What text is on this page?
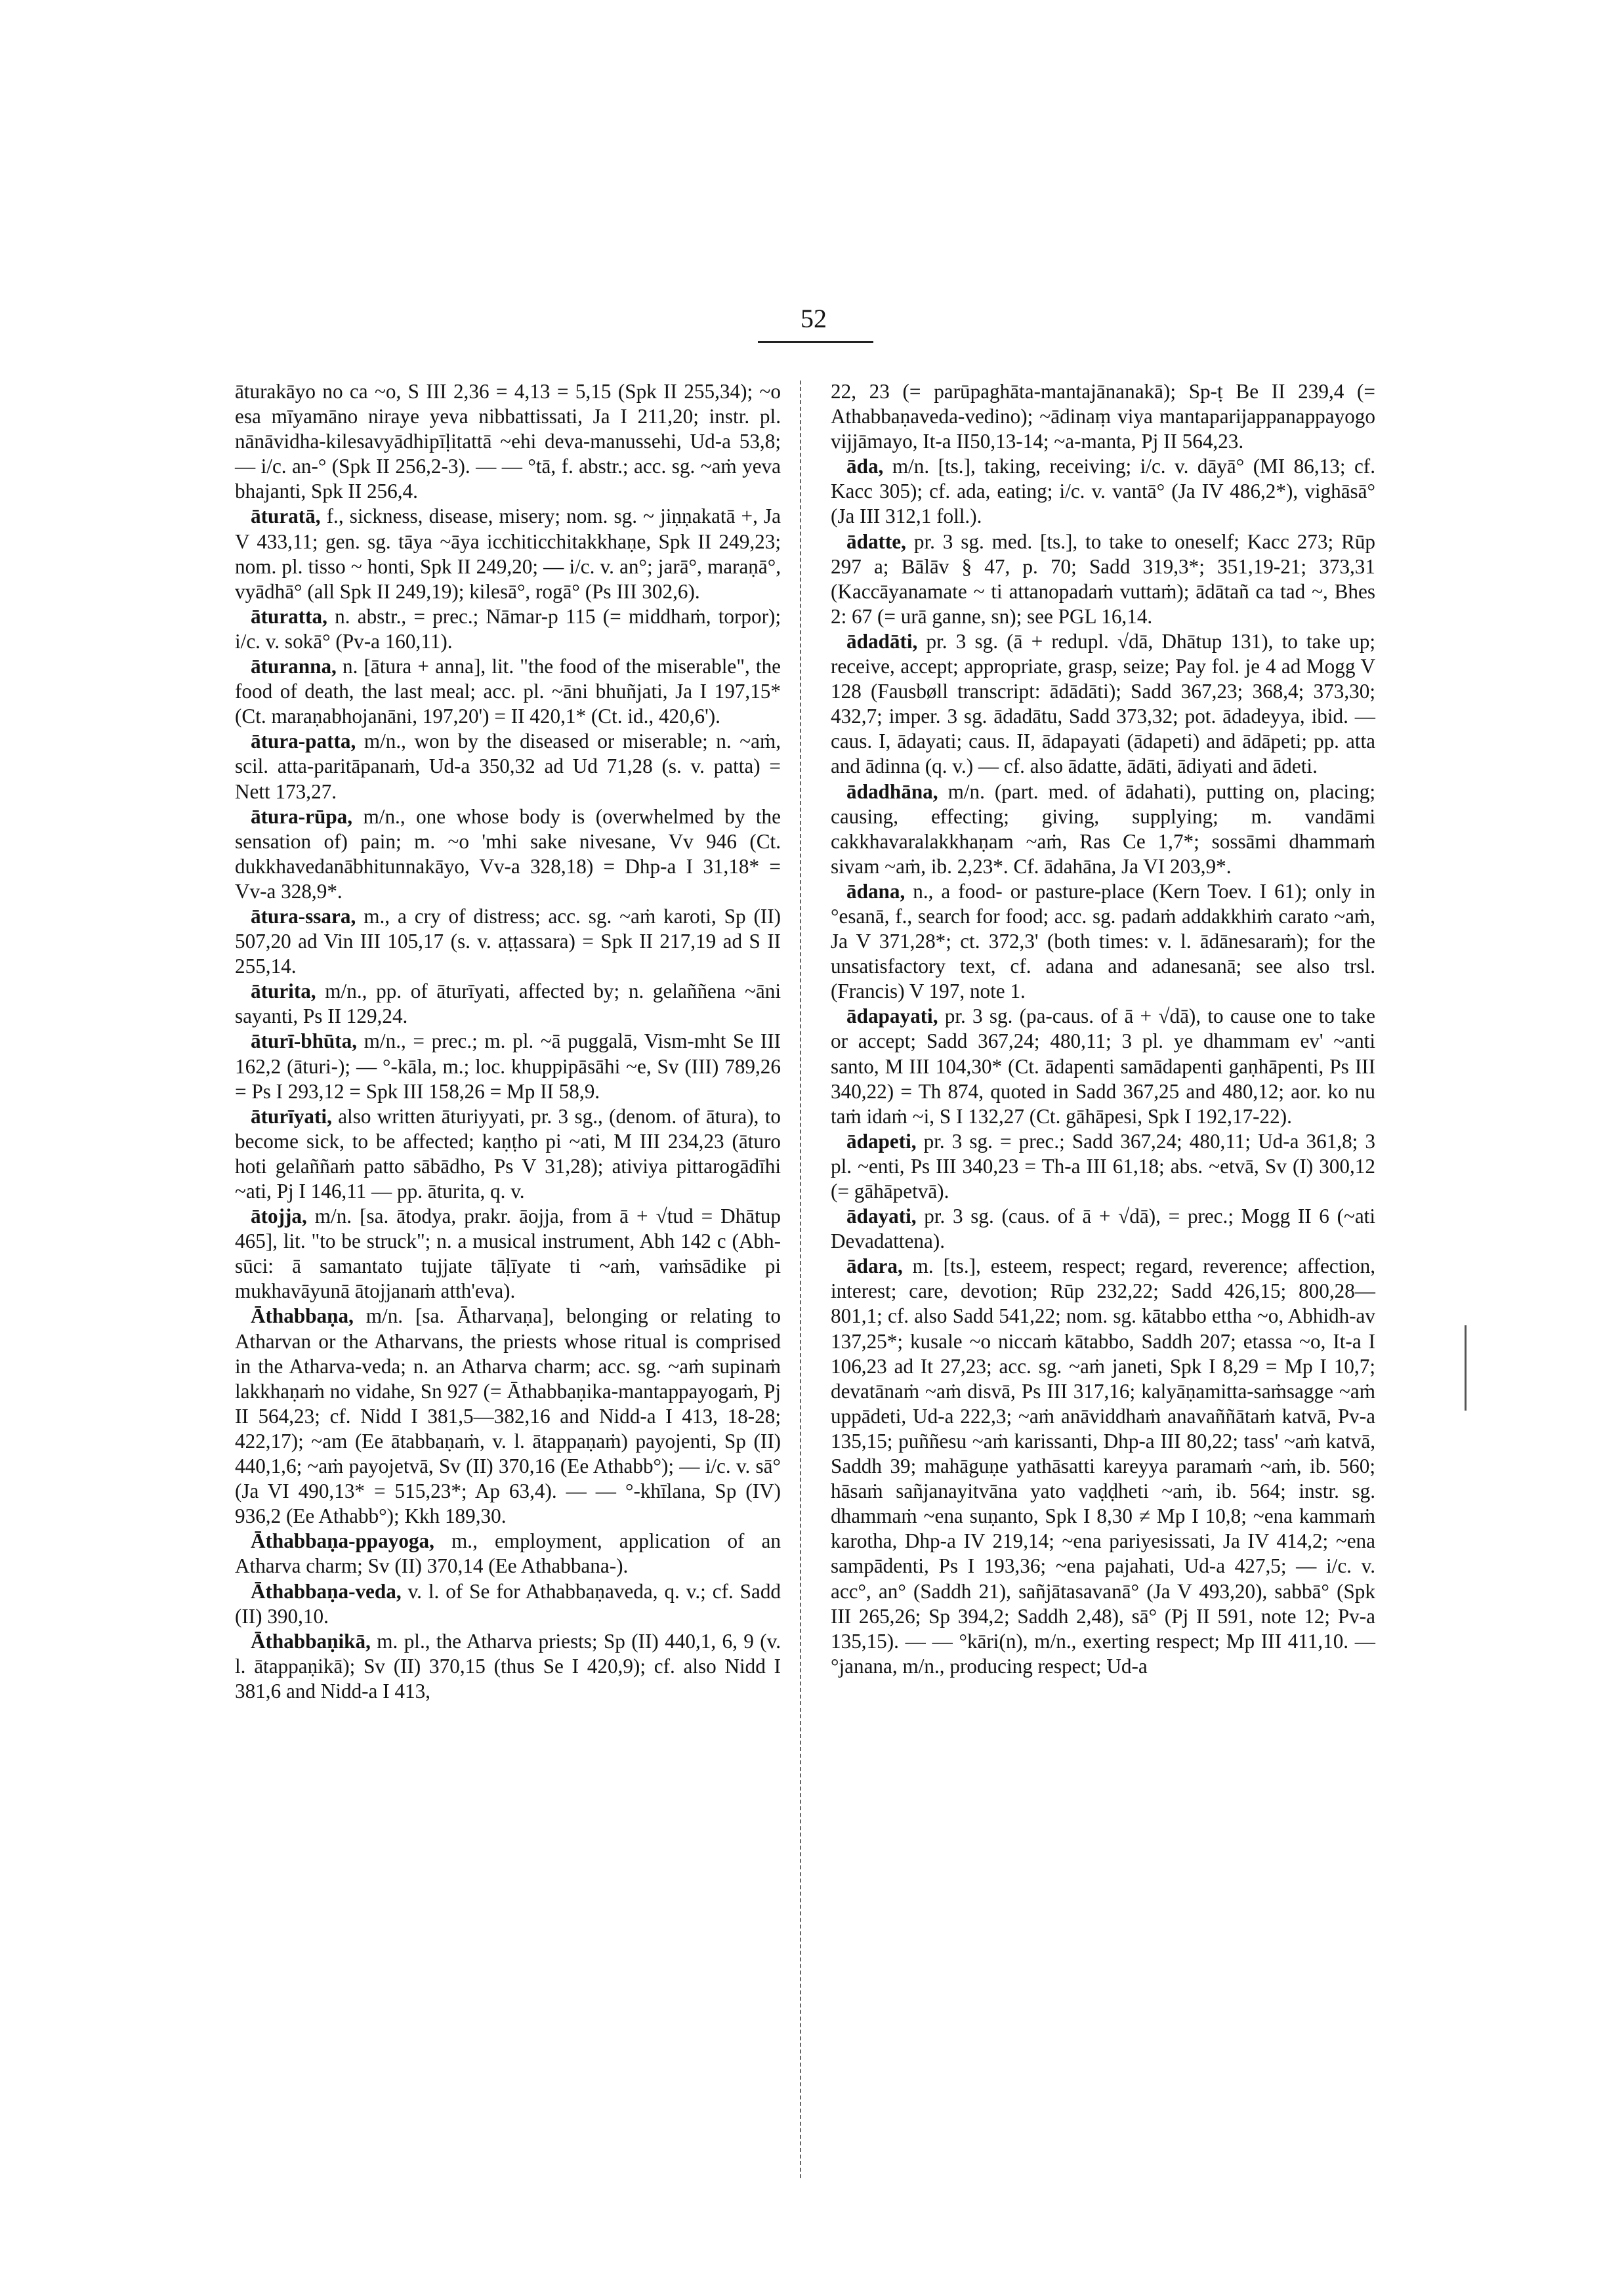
52

āturakāyo no ca ~o, S III 2,36 = 4,13 = 5,15 (Spk II 255,34); ~o esa mīyamāno niraye yeva nibbattissati, Ja I 211,20; instr. pl. nānāvidha-kilesavyādhipīḷitattā ~ehi deva-manussehi, Ud-a 53,8; — i/c. an-° (Spk II 256,2-3). — — °tā, f. abstr.; acc. sg. ~aṁ yeva bhajanti, Spk II 256,4.

āturatā, f., sickness, disease, misery; nom. sg. ~ jiṇṇakatā +, Ja V 433,11; gen. sg. tāya ~āya icchiticchitakkhaṇe, Spk II 249,23; nom. pl. tisso ~ honti, Spk II 249,20; — i/c. v. an°; jarā°, maraṇā°, vyādhā° (all Spk II 249,19); kilesā°, rogā° (Ps III 302,6).

āturatta, n. abstr., = prec.; Nāmar-p 115 (= middhaṁ, torpor); i/c. v. sokā° (Pv-a 160,11).

āturanna, n. [ātura + anna], lit. "the food of the miserable", the food of death, the last meal; acc. pl. ~āni bhuñjati, Ja I 197,15* (Ct. maraṇabhojanāni, 197,20') = II 420,1* (Ct. id., 420,6').

ātura-patta, m/n., won by the diseased or miserable; n. ~aṁ, scil. atta-paritāpanaṁ, Ud-a 350,32 ad Ud 71,28 (s. v. patta) = Nett 173,27.

ātura-rūpa, m/n., one whose body is (overwhelmed by the sensation of) pain; m. ~o 'mhi sake nivesane, Vv 946 (Ct. dukkhavedanābhitunnakāyo, Vv-a 328,18) = Dhp-a I 31,18* = Vv-a 328,9*.

ātura-ssara, m., a cry of distress; acc. sg. ~aṁ karoti, Sp (II) 507,20 ad Vin III 105,17 (s. v. aṭṭassara) = Spk II 217,19 ad S II 255,14.

āturita, m/n., pp. of āturīyati, affected by; n. gelaññena ~āni sayanti, Ps II 129,24.

āturī-bhūta, m/n., = prec.; m. pl. ~ā puggalā, Vism-mht Se III 162,2 (āturi-); — °-kāla, m.; loc. khuppipāsāhi ~e, Sv (III) 789,26 = Ps I 293,12 = Spk III 158,26 = Mp II 58,9.

āturīyati, also written āturiyyati, pr. 3 sg., (denom. of ātura), to become sick, to be affected; kaṇṭho pi ~ati, M III 234,23 (āturo hoti gelaññaṁ patto sābādho, Ps V 31,28); ativiya pittarogādīhi ~ati, Pj I 146,11 — pp. āturita, q. v.

ātojja, m/n. [sa. ātodya, prakr. āojja, from ā + √tud = Dhātup 465], lit. "to be struck"; n. a musical instrument, Abh 142 c (Abh-sūci: ā samantato tujjate tāḷīyate ti ~aṁ, vaṁsādike pi mukhavāyunā ātojjanaṁ atth'eva).

Āthabbaṇa, m/n. [sa. Ātharvaṇa], belonging or relating to Atharvan or the Atharvans, the priests whose ritual is comprised in the Atharva-veda; n. an Atharva charm; acc. sg. ~aṁ supinaṁ lakkhaṇaṁ no vidahe, Sn 927 (= Āthabbaṇika-mantappayogaṁ, Pj II 564,23; cf. Nidd I 381,5—382,16 and Nidd-a I 413, 18-28; 422,17); ~am (Ee ātabbaṇaṁ, v. l. ātappaṇaṁ) payojenti, Sp (II) 440,1,6; ~aṁ payojetvā, Sv (II) 370,16 (Ee Athabb°); — i/c. v. sā° (Ja VI 490,13* = 515,23*; Ap 63,4). — — °-khīlana, Sp (IV) 936,2 (Ee Athabb°); Kkh 189,30.

Āthabbaṇa-ppayoga, m., employment, application of an Atharva charm; Sv (II) 370,14 (Ee Athabbana-).

Āthabbaṇa-veda, v. l. of Se for Athabbaṇaveda, q. v.; cf. Sadd (II) 390,10.

Āthabbaṇikā, m. pl., the Atharva priests; Sp (II) 440,1, 6, 9 (v. l. ātappaṇikā); Sv (II) 370,15 (thus Se I 420,9); cf. also Nidd I 381,6 and Nidd-a I 413,

22, 23 (= parūpaghāta-mantajānanakā); Sp-ṭ Be II 239,4 (= Athabbaṇaveda-vedino); ~ādinaṃ viya mantaparijappanappayogo vijjāmayo, It-a II50,13-14; ~a-manta, Pj II 564,23.

āda, m/n. [ts.], taking, receiving; i/c. v. dāyā° (MI 86,13; cf. Kacc 305); cf. ada, eating; i/c. v. vantā° (Ja IV 486,2*), vighāsā° (Ja III 312,1 foll.).

ādatte, pr. 3 sg. med. [ts.], to take to oneself; Kacc 273; Rūp 297 a; Bālāv § 47, p. 70; Sadd 319,3*; 351,19-21; 373,31 (Kaccāyanamate ~ ti attanopadaṁ vuttaṁ); ādātañ ca tad ~, Bhes 2: 67 (= urā ganne, sn); see PGL 16,14.

ādadāti, pr. 3 sg. (ā + redupl. √dā, Dhātup 131), to take up; receive, accept; appropriate, grasp, seize; Pay fol. je 4 ad Mogg V 128 (Fausbøll transcript: ādādāti); Sadd 367,23; 368,4; 373,30; 432,7; imper. 3 sg. ādadātu, Sadd 373,32; pot. ādadeyya, ibid. — caus. I, ādayati; caus. II, ādapayati (ādapeti) and ādāpeti; pp. atta and ādinna (q. v.) — cf. also ādatte, ādāti, ādiyati and ādeti.

ādadhāna, m/n. (part. med. of ādahati), putting on, placing; causing, effecting; giving, supplying; m. vandāmi cakkhavaralakkhaṇam ~aṁ, Ras Ce 1,7*; sossāmi dhammaṁ sivam ~aṁ, ib. 2,23*. Cf. ādahāna, Ja VI 203,9*.

ādana, n., a food- or pasture-place (Kern Toev. I 61); only in °esanā, f., search for food; acc. sg. padaṁ addakkhiṁ carato ~aṁ, Ja V 371,28*; ct. 372,3' (both times: v. l. ādānesaraṁ); for the unsatisfactory text, cf. adana and adanesanā; see also trsl. (Francis) V 197, note 1.

ādapayati, pr. 3 sg. (pa-caus. of ā + √dā), to cause one to take or accept; Sadd 367,24; 480,11; 3 pl. ye dhammam ev' ~anti santo, M III 104,30* (Ct. ādapenti samādapenti gaṇhāpenti, Ps III 340,22) = Th 874, quoted in Sadd 367,25 and 480,12; aor. ko nu taṁ idaṁ ~i, S I 132,27 (Ct. gāhāpesi, Spk I 192,17-22).

ādapeti, pr. 3 sg. = prec.; Sadd 367,24; 480,11; Ud-a 361,8; 3 pl. ~enti, Ps III 340,23 = Th-a III 61,18; abs. ~etvā, Sv (I) 300,12 (= gāhāpetvā).

ādayati, pr. 3 sg. (caus. of ā + √dā), = prec.; Mogg II 6 (~ati Devadattena).

ādara, m. [ts.], esteem, respect; regard, reverence; affection, interest; care, devotion; Rūp 232,22; Sadd 426,15; 800,28—801,1; cf. also Sadd 541,22; nom. sg. kātabbo ettha ~o, Abhidh-av 137,25*; kusale ~o niccaṁ kātabbo, Saddh 207; etassa ~o, It-a I 106,23 ad It 27,23; acc. sg. ~aṁ janeti, Spk I 8,29 = Mp I 10,7; devatānaṁ ~aṁ disvā, Ps III 317,16; kalyāṇamitta-saṁsagge ~aṁ uppādeti, Ud-a 222,3; ~aṁ anāviddhaṁ anavaññātaṁ katvā, Pv-a 135,15; puññesu ~aṁ karissanti, Dhp-a III 80,22; tass' ~aṁ katvā, Saddh 39; mahāguṇe yathāsatti kareyya paramaṁ ~aṁ, ib. 560; hāsaṁ sañjanayitvāna yato vaḍḍheti ~aṁ, ib. 564; instr. sg. dhammaṁ ~ena suṇanto, Spk I 8,30 ≠ Mp I 10,8; ~ena kammaṁ karotha, Dhp-a IV 219,14; ~ena pariyesissati, Ja IV 414,2; ~ena sampādenti, Ps I 193,36; ~ena pajahati, Ud-a 427,5; — i/c. v. acc°, an° (Saddh 21), sañjātasavanā° (Ja V 493,20), sabbā° (Spk III 265,26; Sp 394,2; Saddh 2,48), sā° (Pj II 591, note 12; Pv-a 135,15). — — °kāri(n), m/n., exerting respect; Mp III 411,10. — °janana, m/n., producing respect; Ud-a
